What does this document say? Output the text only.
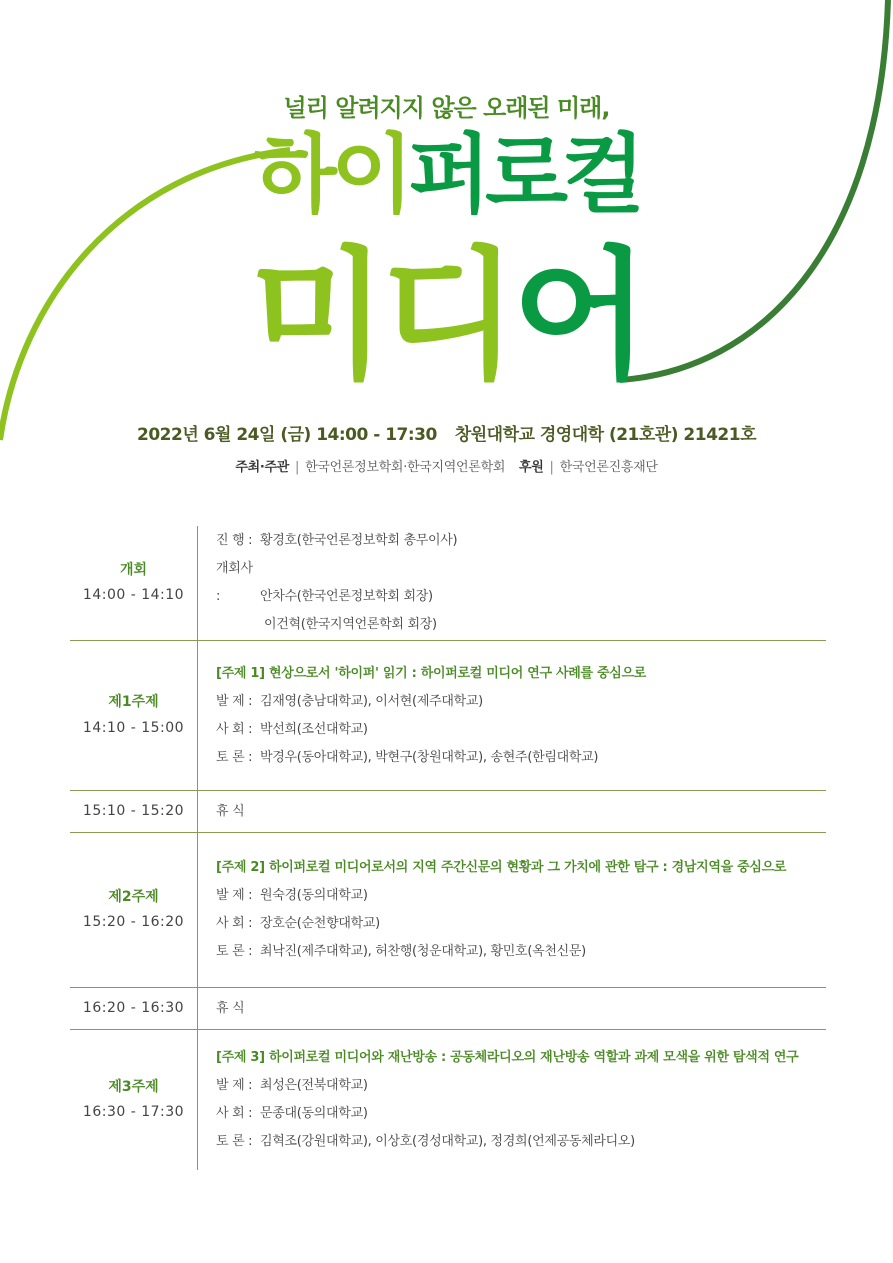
널리 알려지지 않은 오래된 미래,
하이퍼로컬
미디어
2022년 6월 24일 (금) 14:00 - 17:30 창원대학교 경영대학 (21호관) 21421호
주최·주관 | 한국언론정보학회·한국지역언론학회 후원 | 한국언론진흥재단
개회
14:00 - 14:10	진 행 : 황경호(한국언론정보학회 총무이사)
개회사 : 안차수(한국언론정보학회 회장)
이건혁(한국지역언론학회 회장)

제1주제
14:10 - 15:00	[주제 1] 현상으로서 '하이퍼' 읽기 : 하이퍼로컬 미디어 연구 사례를 중심으로
발 제 : 김재영(충남대학교), 이서현(제주대학교)
사 회 : 박선희(조선대학교)
토 론 : 박경우(동아대학교), 박현구(창원대학교), 송현주(한림대학교)

15:10 - 15:20	휴 식

제2주제
15:20 - 16:20	[주제 2] 하이퍼로컬 미디어로서의 지역 주간신문의 현황과 그 가치에 관한 탐구 : 경남지역을 중심으로
발 제 : 원숙경(동의대학교)
사 회 : 장호순(순천향대학교)
토 론 : 최낙진(제주대학교), 허찬행(청운대학교), 황민호(옥천신문)

16:20 - 16:30	휴 식

제3주제
16:30 - 17:30	[주제 3] 하이퍼로컬 미디어와 재난방송 : 공동체라디오의 재난방송 역할과 과제 모색을 위한 탐색적 연구
발 제 : 최성은(전북대학교)
사 회 : 문종대(동의대학교)
토 론 : 김혁조(강원대학교), 이상호(경성대학교), 정경희(언제공동체라디오)
